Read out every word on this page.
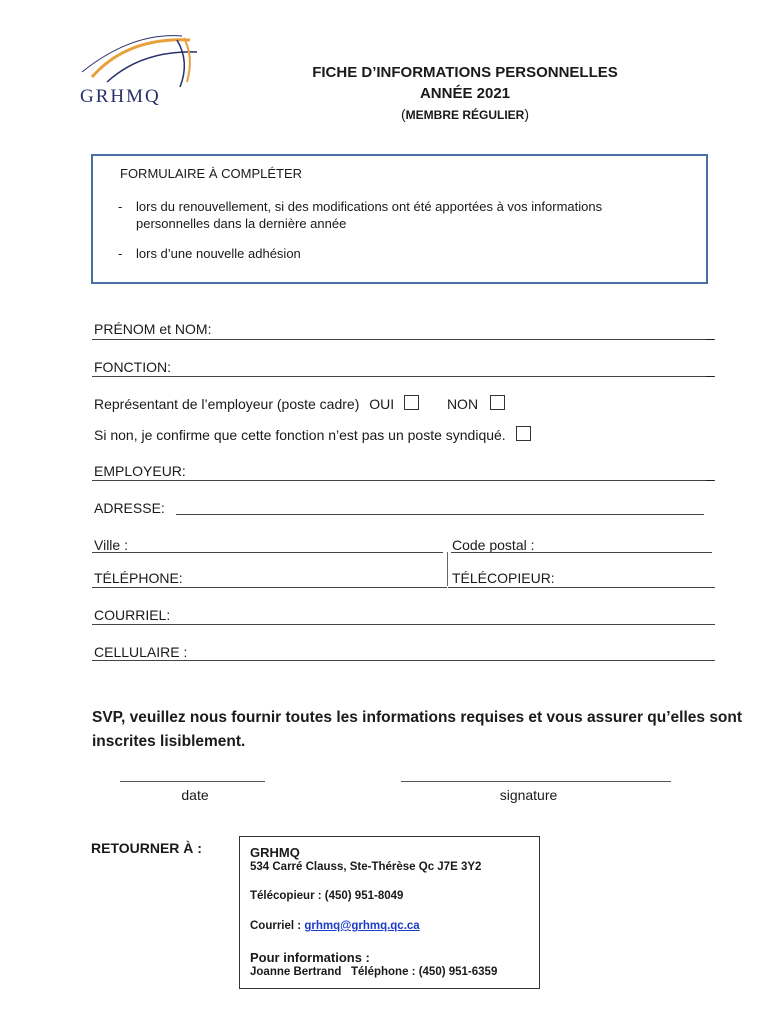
GRHMQ
FICHE D’INFORMATIONS PERSONNELLES
ANNÉE 2021
(MEMBRE RÉGULIER)
FORMULAIRE À COMPLÉTER
-	lors du renouvellement, si des modifications ont été apportées à vos informations personnelles dans la dernière année
- lors d’une nouvelle adhésion
PRÉNOM et NOM:	_
FONCTION:	_
Représentant de l’employeur (poste cadre) OUI	NON
Si non, je confirme que cette fonction n’est pas un poste syndiqué.
EMPLOYEUR:	_
ADRESSE:
Ville :	Code postal :
TÉLÉPHONE:	TÉLÉCOPIEUR:
COURRIEL:
CELLULAIRE :
SVP, veuillez nous fournir toutes les informations requises et vous assurer qu’elles sont inscrites lisiblement.
date	signature
RETOURNER À :	GRHMQ
534 Carré Clauss, Ste-Thérèse Qc J7E 3Y2
Télécopieur : (450) 951-8049
Courriel : grhmq@grhmq.qc.ca
Pour informations :
Joanne Bertrand   Téléphone : (450) 951-6359
